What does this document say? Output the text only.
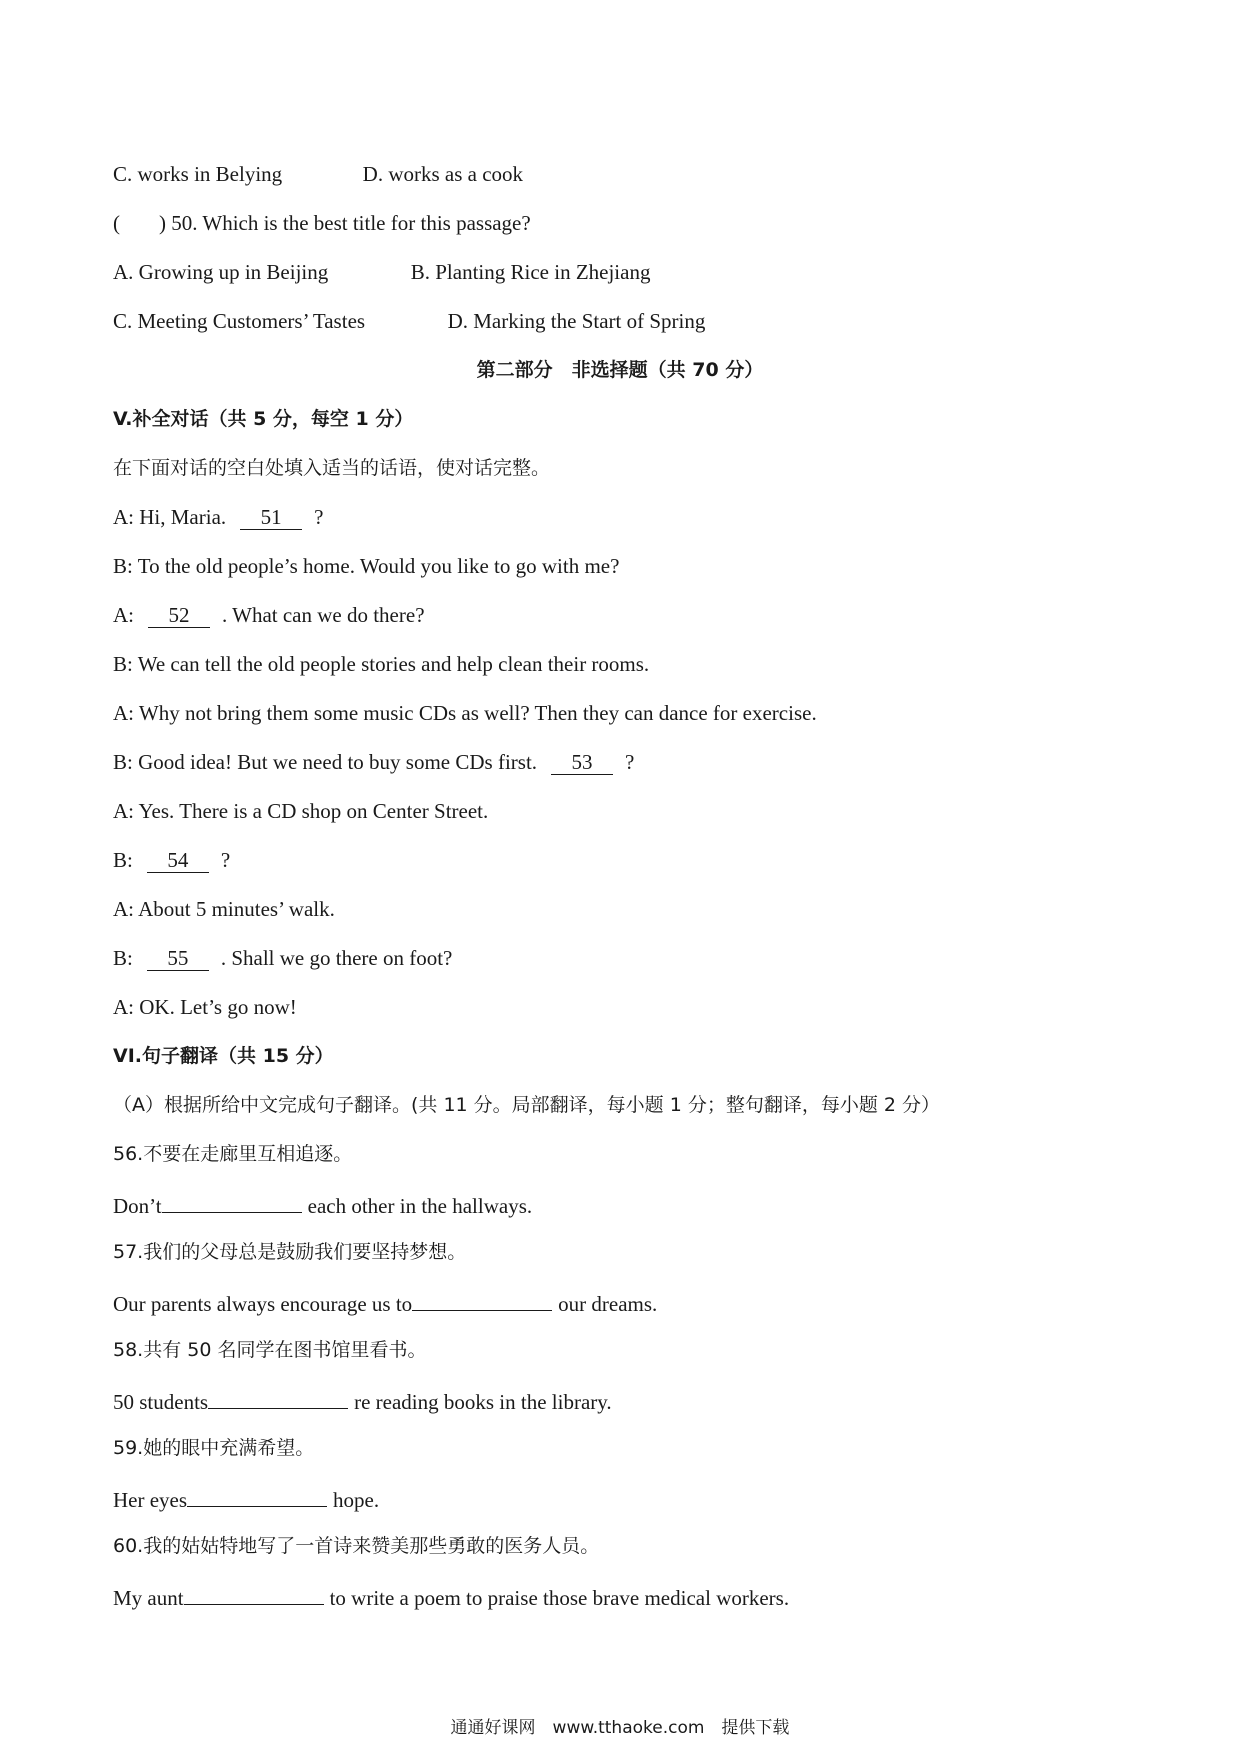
C. works in Belying	D. works as a cook
( ) 50. Which is the best title for this passage?
A. Growing up in Beijing	B. Planting Rice in Zhejiang
C. Meeting Customers’ Tastes	D. Marking the Start of Spring
第二部分　非选择题（共 70 分）
V.补全对话（共 5 分，每空 1 分）
在下面对话的空白处填入适当的话语，使对话完整。
A: Hi, Maria. 51 ?
B: To the old people’s home. Would you like to go with me?
A: 52 . What can we do there?
B: We can tell the old people stories and help clean their rooms.
A: Why not bring them some music CDs as well? Then they can dance for exercise.
B: Good idea! But we need to buy some CDs first. 53 ?
A: Yes. There is a CD shop on Center Street.
B: 54 ?
A: About 5 minutes’ walk.
B: 55 . Shall we go there on foot?
A: OK. Let’s go now!
VI.句子翻译（共 15 分）
（A）根据所给中文完成句子翻译。(共 11 分。局部翻译，每小题 1 分；整句翻译，每小题 2 分）
56.不要在走廊里互相追逐。
Don’t	each other in the hallways.
57.我们的父母总是鼓励我们要坚持梦想。
Our parents always encourage us to	our dreams.
58.共有 50 名同学在图书馆里看书。
50 students	re reading books in the library.
59.她的眼中充满希望。
Her eyes	hope.
60.我的姑姑特地写了一首诗来赞美那些勇敢的医务人员。
My aunt	to write a poem to praise those brave medical workers.
通通好课网　www.tthaoke.com　提供下载
